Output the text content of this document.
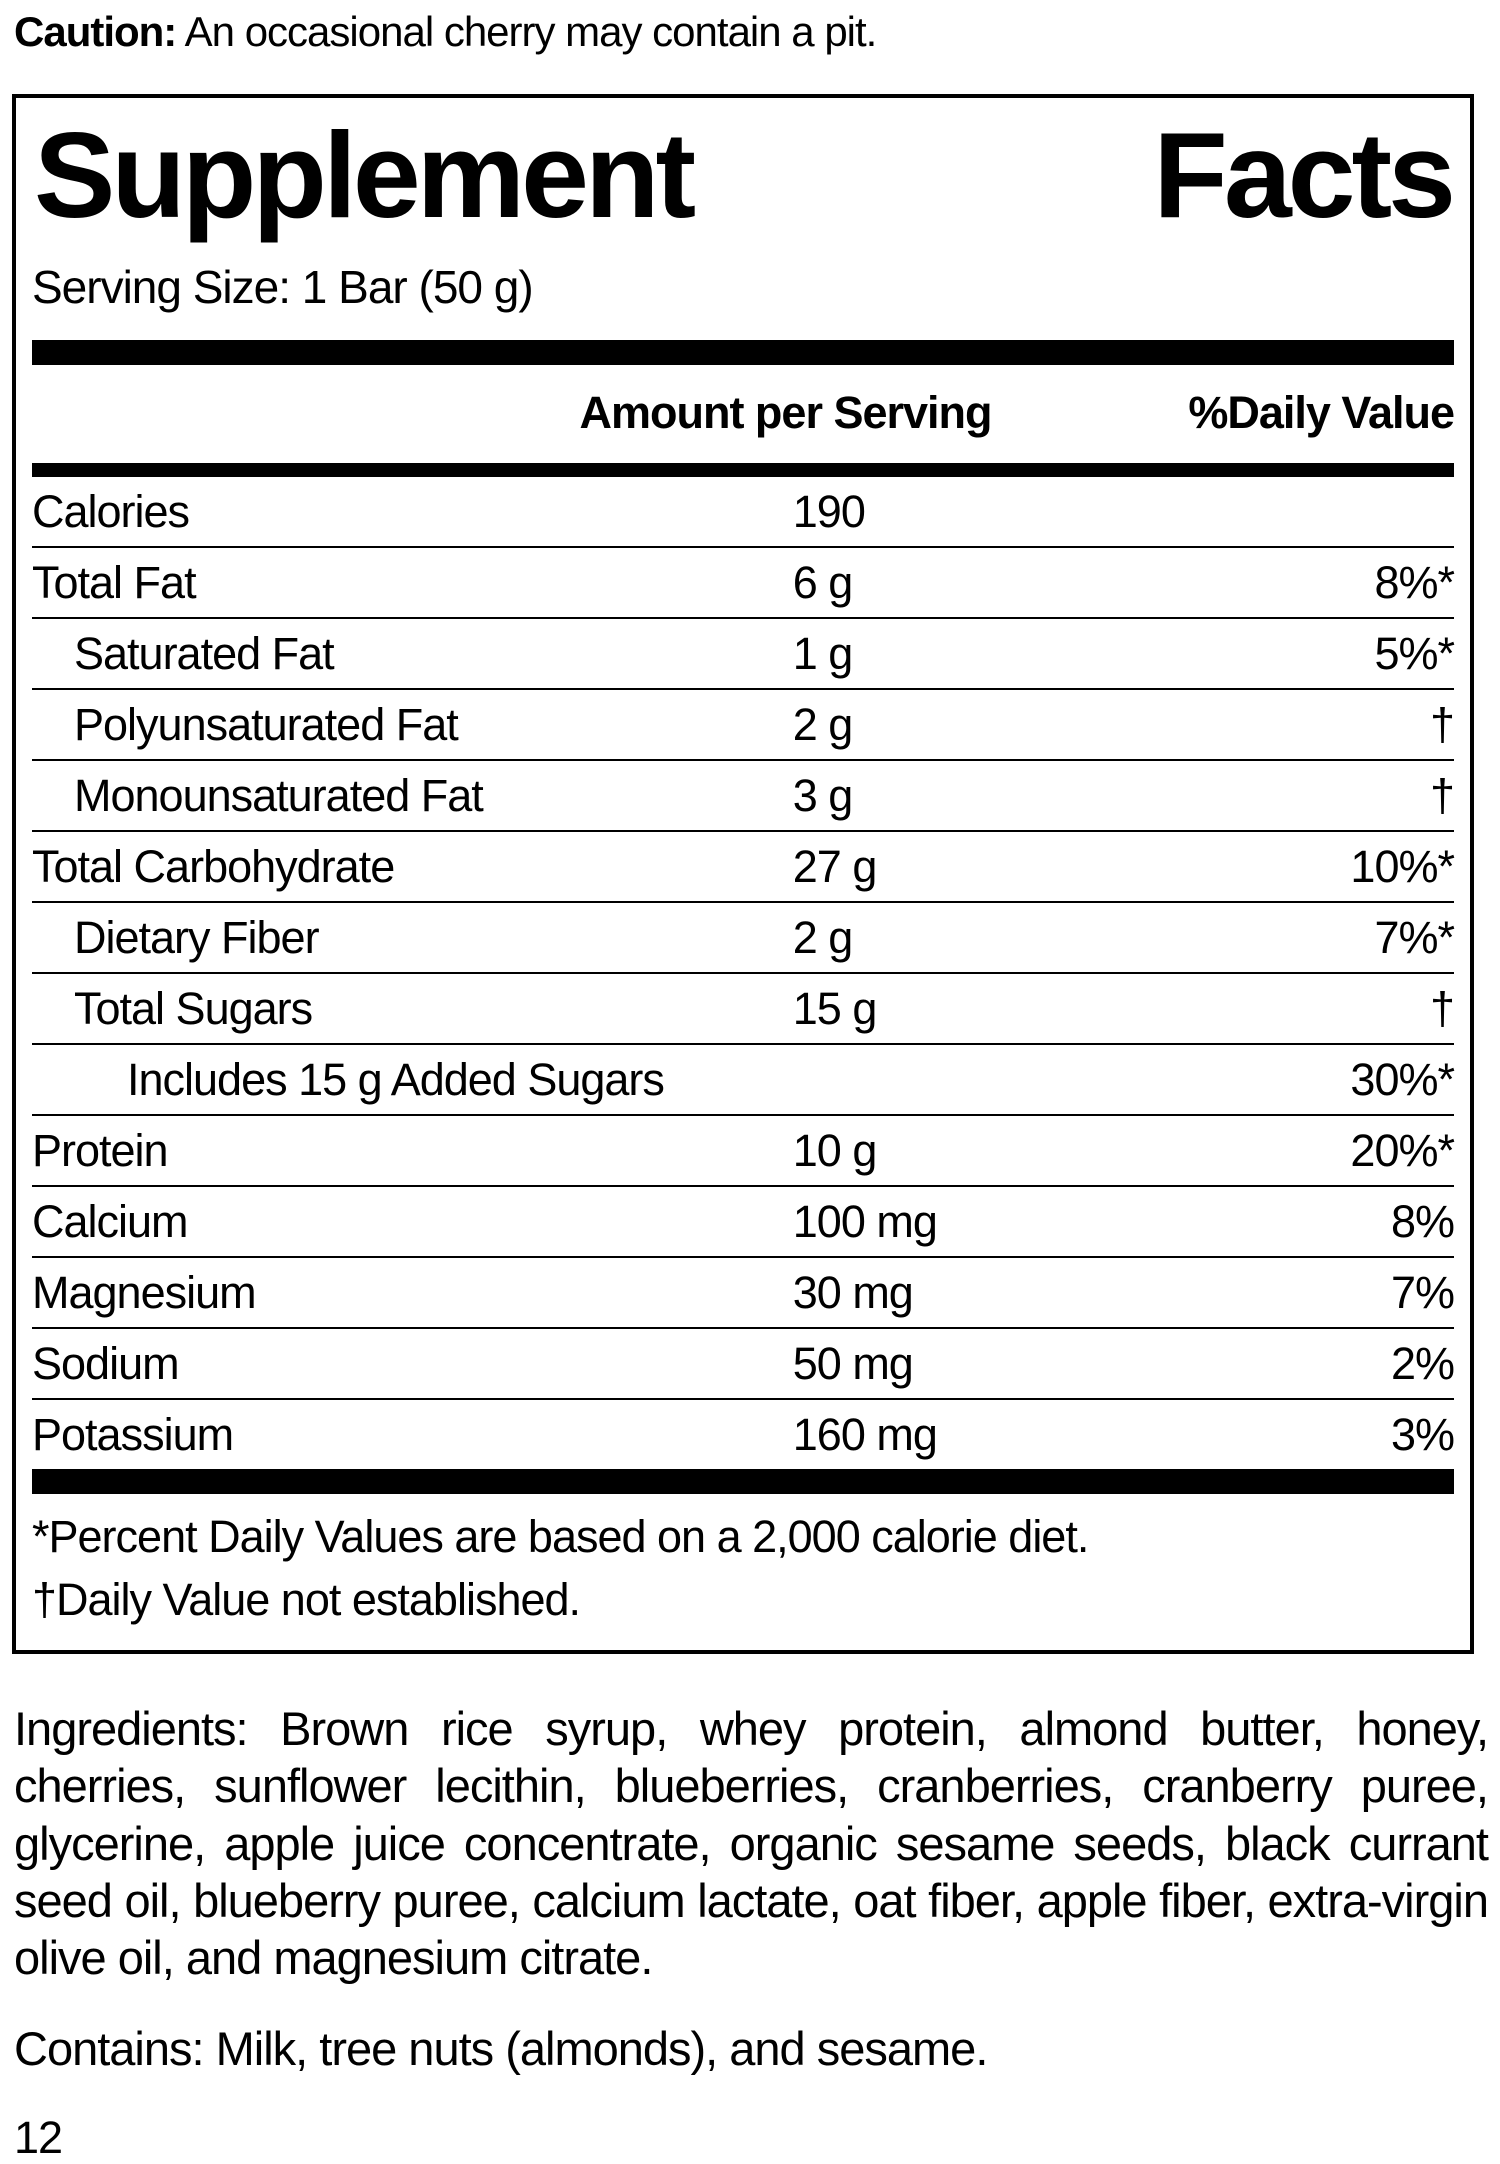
Caution: An occasional cherry may contain a pit.

Supplement	Facts
Serving Size: 1 Bar (50 g)
Amount per Serving	%Daily Value
Calories	190	
Total Fat	6 g	8%*
Saturated Fat	1 g	5%*
Polyunsaturated Fat	2 g	†
Monounsaturated Fat	3 g	†
Total Carbohydrate	27 g	10%*
Dietary Fiber	2 g	7%*
Total Sugars	15 g	†
Includes 15 g Added Sugars		30%*
Protein	10 g	20%*
Calcium	100 mg	8%
Magnesium	30 mg	7%
Sodium	50 mg	2%
Potassium	160 mg	3%

*Percent Daily Values are based on a 2,000 calorie diet.

†Daily Value not established.

Ingredients: Brown rice syrup, whey protein, almond butter, honey, cherries, sunflower lecithin, blueberries, cranberries, cranberry puree, glycerine, apple juice concentrate, organic sesame seeds, black currant seed oil, blueberry puree, calcium lactate, oat fiber, apple fiber, extra-virgin olive oil, and magnesium citrate.

Contains: Milk, tree nuts (almonds), and sesame.

12
